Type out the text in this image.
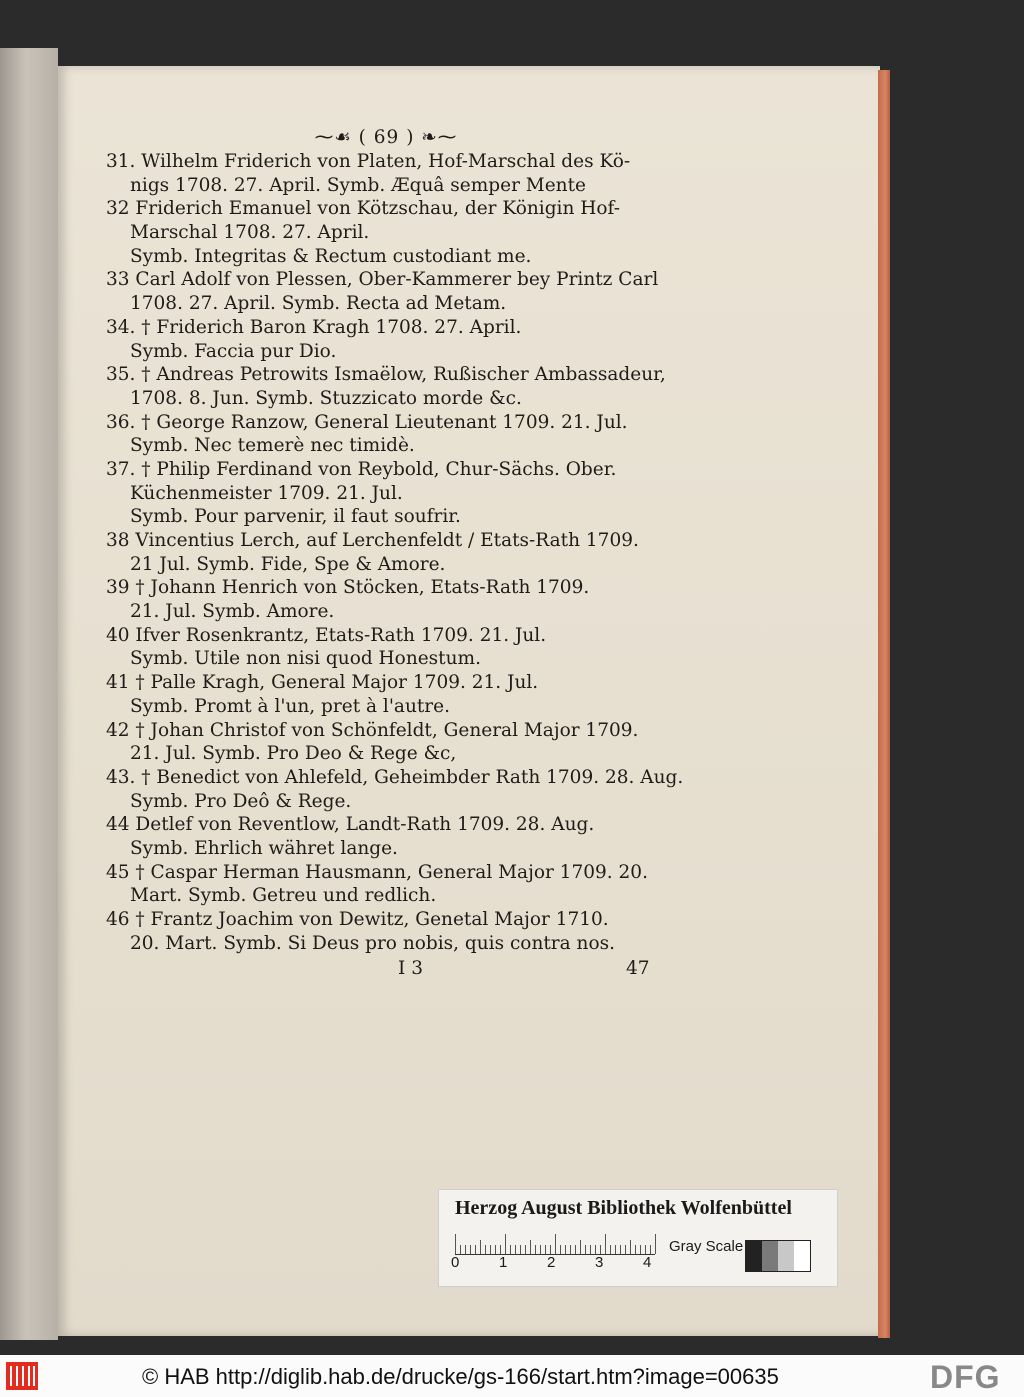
⁓☙ ( 69 ) ❧⁓
31. Wilhelm Friderich von Platen, Hof-Marschal des Kö-
nigs 1708. 27. April. Symb. Æquâ semper Mente
32 Friderich Emanuel von Kötzschau, der Königin Hof-
Marschal 1708. 27. April.
Symb. Integritas & Rectum custodiant me.
33 Carl Adolf von Plessen, Ober-Kammerer bey Printz Carl
1708. 27. April. Symb. Recta ad Metam.
34. † Friderich Baron Kragh 1708. 27. April.
Symb. Faccia pur Dio.
35. † Andreas Petrowits Ismaëlow, Rußischer Ambassadeur,
1708. 8. Jun. Symb. Stuzzicato morde &c.
36. † George Ranzow, General Lieutenant 1709. 21. Jul.
Symb. Nec temerè nec timidè.
37. † Philip Ferdinand von Reybold, Chur-Sächs. Ober.
Küchenmeister 1709. 21. Jul.
Symb. Pour parvenir, il faut soufrir.
38 Vincentius Lerch, auf Lerchenfeldt / Etats-Rath 1709.
21 Jul. Symb. Fide, Spe & Amore.
39 † Johann Henrich von Stöcken, Etats-Rath 1709.
21. Jul. Symb. Amore.
40 Ifver Rosenkrantz, Etats-Rath 1709. 21. Jul.
Symb. Utile non nisi quod Honestum.
41 † Palle Kragh, General Major 1709. 21. Jul.
Symb. Promt à l'un, pret à l'autre.
42 † Johan Christof von Schönfeldt, General Major 1709.
21. Jul. Symb. Pro Deo & Rege &c,
43. † Benedict von Ahlefeld, Geheimbder Rath 1709. 28. Aug.
Symb. Pro Deô & Rege.
44 Detlef von Reventlow, Landt-Rath 1709. 28. Aug.
Symb. Ehrlich währet lange.
45 † Caspar Herman Hausmann, General Major 1709. 20.
Mart. Symb. Getreu und redlich.
46 † Frantz Joachim von Dewitz, Genetal Major 1710.
20. Mart. Symb. Si Deus pro nobis, quis contra nos.
I 3	47
Herzog August Bibliothek Wolfenbüttel
0	1	2	3	4
Gray Scale
© HAB http://diglib.hab.de/drucke/gs-166/start.htm?image=00635	DFG
